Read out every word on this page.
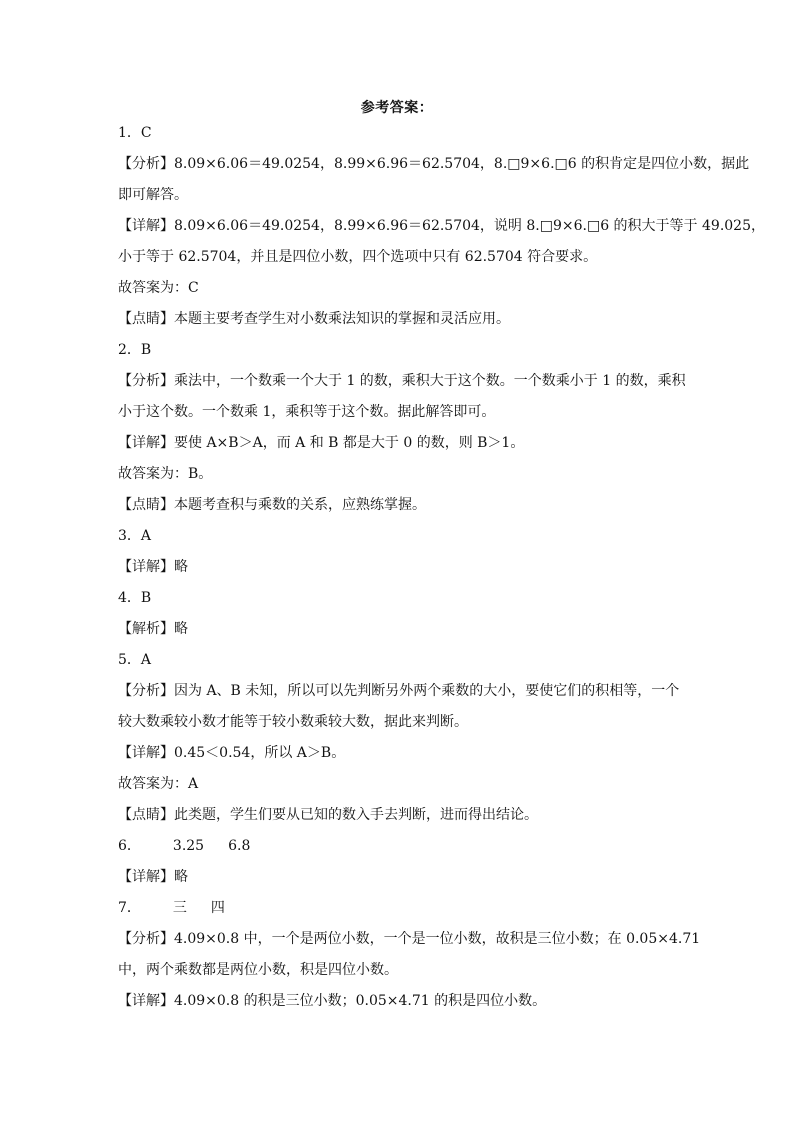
参考答案：
1．C
【分析】8.09×6.06＝49.0254，8.99×6.96＝62.5704，8.□9×6.□6 的积肯定是四位小数，据此
即可解答。
【详解】8.09×6.06＝49.0254，8.99×6.96＝62.5704，说明 8.□9×6.□6 的积大于等于 49.025，
小于等于 62.5704，并且是四位小数，四个选项中只有 62.5704 符合要求。
故答案为：C
【点睛】本题主要考查学生对小数乘法知识的掌握和灵活应用。
2．B
【分析】乘法中，一个数乘一个大于 1 的数，乘积大于这个数。一个数乘小于 1 的数，乘积
小于这个数。一个数乘 1，乘积等于这个数。据此解答即可。
【详解】要使 A×B＞A，而 A 和 B 都是大于 0 的数，则 B＞1。
故答案为：B。
【点睛】本题考查积与乘数的关系，应熟练掌握。
3．A
【详解】略
4．B
【解析】略
5．A
【分析】因为 A、B 未知，所以可以先判断另外两个乘数的大小，要使它们的积相等，一个
较大数乘较小数才能等于较小数乘较大数，据此来判断。
【详解】0.45＜0.54，所以 A＞B。
故答案为：A
【点睛】此类题，学生们要从已知的数入手去判断，进而得出结论。
6． 3.25 6.8
【详解】略
7． 三 四
【分析】4.09×0.8 中，一个是两位小数，一个是一位小数，故积是三位小数；在 0.05×4.71
中，两个乘数都是两位小数，积是四位小数。
【详解】4.09×0.8 的积是三位小数；0.05×4.71 的积是四位小数。
